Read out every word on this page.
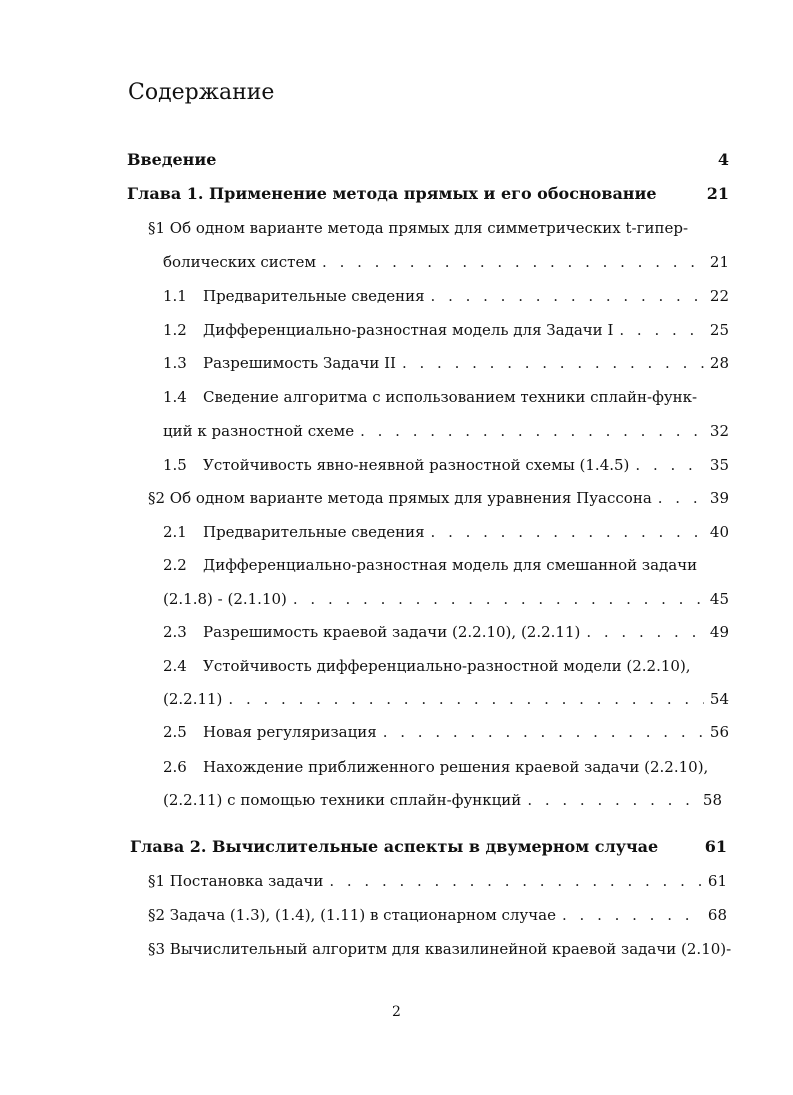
Содержание
Введение	4
Глава 1. Применение метода прямых и его обоснование	21
§1 Об одном варианте метода прямых для симметрических t-гипер-
болических систем . . .	21
1.1	Предварительные сведения . . .	22
1.2	Дифференциально-разностная модель для Задачи I . . .	25
1.3	Разрешимость Задачи II . . .	28
1.4	Сведение алгоритма с использованием техники сплайн-функ-
ций к разностной схеме . . .	32
1.5	Устойчивость явно-неявной разностной схемы (1.4.5) . . .	35
§2 Об одном варианте метода прямых для уравнения Пуассона . . .	39
2.1	Предварительные сведения . . .	40
2.2	Дифференциально-разностная модель для смешанной задачи
(2.1.8) - (2.1.10) . . .	45
2.3	Разрешимость краевой задачи (2.2.10), (2.2.11) . . .	49
2.4	Устойчивость дифференциально-разностной модели (2.2.10),
(2.2.11) . . .	54
2.5	Новая регуляризация . . .	56
2.6	Нахождение приближенного решения краевой задачи (2.2.10),
(2.2.11) с помощью техники сплайн-функций . . .	58
Глава 2. Вычислительные аспекты в двумерном случае	61
§1 Постановка задачи . . .	61
§2 Задача (1.3), (1.4), (1.11) в стационарном случае . . .	68
§3 Вычислительный алгоритм для квазилинейной краевой задачи (2.10)-
2
